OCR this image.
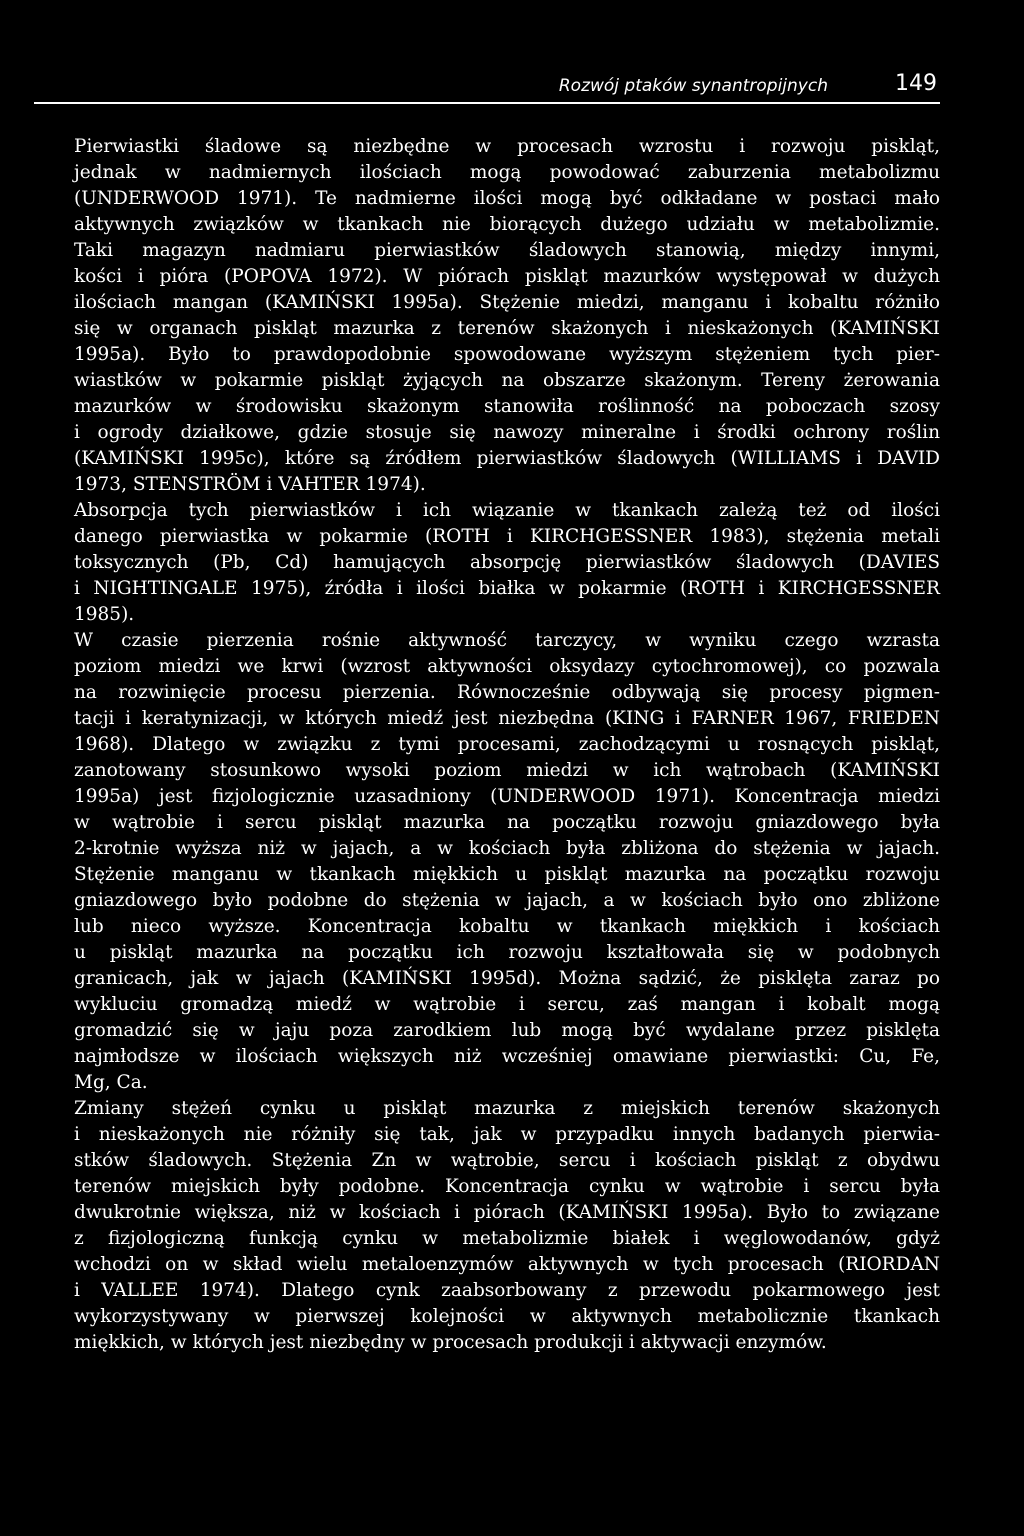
Rozwój ptaków synantropijnych	149

Pierwiastki śladowe są niezbędne w procesach wzrostu i rozwoju piskląt,
jednak w nadmiernych ilościach mogą powodować zaburzenia metabolizmu
(UNDERWOOD 1971). Te nadmierne ilości mogą być odkładane w postaci mało
aktywnych związków w tkankach nie biorących dużego udziału w metabolizmie.
Taki magazyn nadmiaru pierwiastków śladowych stanowią, między innymi,
kości i pióra (POPOVA 1972). W piórach piskląt mazurków występował w dużych
ilościach mangan (KAMIŃSKI 1995a). Stężenie miedzi, manganu i kobaltu różniło
się w organach piskląt mazurka z terenów skażonych i nieskażonych (KAMIŃSKI
1995a). Było to prawdopodobnie spowodowane wyższym stężeniem tych pier-
wiastków w pokarmie piskląt żyjących na obszarze skażonym. Tereny żerowania
mazurków w środowisku skażonym stanowiła roślinność na poboczach szosy
i ogrody działkowe, gdzie stosuje się nawozy mineralne i środki ochrony roślin
(KAMIŃSKI 1995c), które są źródłem pierwiastków śladowych (WILLIAMS i DAVID
1973, STENSTRÖM i VAHTER 1974).

Absorpcja tych pierwiastków i ich wiązanie w tkankach zależą też od ilości
danego pierwiastka w pokarmie (ROTH i KIRCHGESSNER 1983), stężenia metali
toksycznych (Pb, Cd) hamujących absorpcję pierwiastków śladowych (DAVIES
i NIGHTINGALE 1975), źródła i ilości białka w pokarmie (ROTH i KIRCHGESSNER
1985).

W czasie pierzenia rośnie aktywność tarczycy, w wyniku czego wzrasta
poziom miedzi we krwi (wzrost aktywności oksydazy cytochromowej), co pozwala
na rozwinięcie procesu pierzenia. Równocześnie odbywają się procesy pigmen-
tacji i keratynizacji, w których miedź jest niezbędna (KING i FARNER 1967, FRIEDEN
1968). Dlatego w związku z tymi procesami, zachodzącymi u rosnących piskląt,
zanotowany stosunkowo wysoki poziom miedzi w ich wątrobach (KAMIŃSKI
1995a) jest fizjologicznie uzasadniony (UNDERWOOD 1971). Koncentracja miedzi
w wątrobie i sercu piskląt mazurka na początku rozwoju gniazdowego była
2-krotnie wyższa niż w jajach, a w kościach była zbliżona do stężenia w jajach.
Stężenie manganu w tkankach miękkich u piskląt mazurka na początku rozwoju
gniazdowego było podobne do stężenia w jajach, a w kościach było ono zbliżone
lub nieco wyższe. Koncentracja kobaltu w tkankach miękkich i kościach
u piskląt mazurka na początku ich rozwoju kształtowała się w podobnych
granicach, jak w jajach (KAMIŃSKI 1995d). Można sądzić, że pisklęta zaraz po
wykluciu gromadzą miedź w wątrobie i sercu, zaś mangan i kobalt mogą
gromadzić się w jaju poza zarodkiem lub mogą być wydalane przez pisklęta
najmłodsze w ilościach większych niż wcześniej omawiane pierwiastki: Cu, Fe,
Mg, Ca.

Zmiany stężeń cynku u piskląt mazurka z miejskich terenów skażonych
i nieskażonych nie różniły się tak, jak w przypadku innych badanych pierwia-
stków śladowych. Stężenia Zn w wątrobie, sercu i kościach piskląt z obydwu
terenów miejskich były podobne. Koncentracja cynku w wątrobie i sercu była
dwukrotnie większa, niż w kościach i piórach (KAMIŃSKI 1995a). Było to związane
z fizjologiczną funkcją cynku w metabolizmie białek i węglowodanów, gdyż
wchodzi on w skład wielu metaloenzymów aktywnych w tych procesach (RIORDAN
i VALLEE 1974). Dlatego cynk zaabsorbowany z przewodu pokarmowego jest
wykorzystywany w pierwszej kolejności w aktywnych metabolicznie tkankach
miękkich, w których jest niezbędny w procesach produkcji i aktywacji enzymów.
